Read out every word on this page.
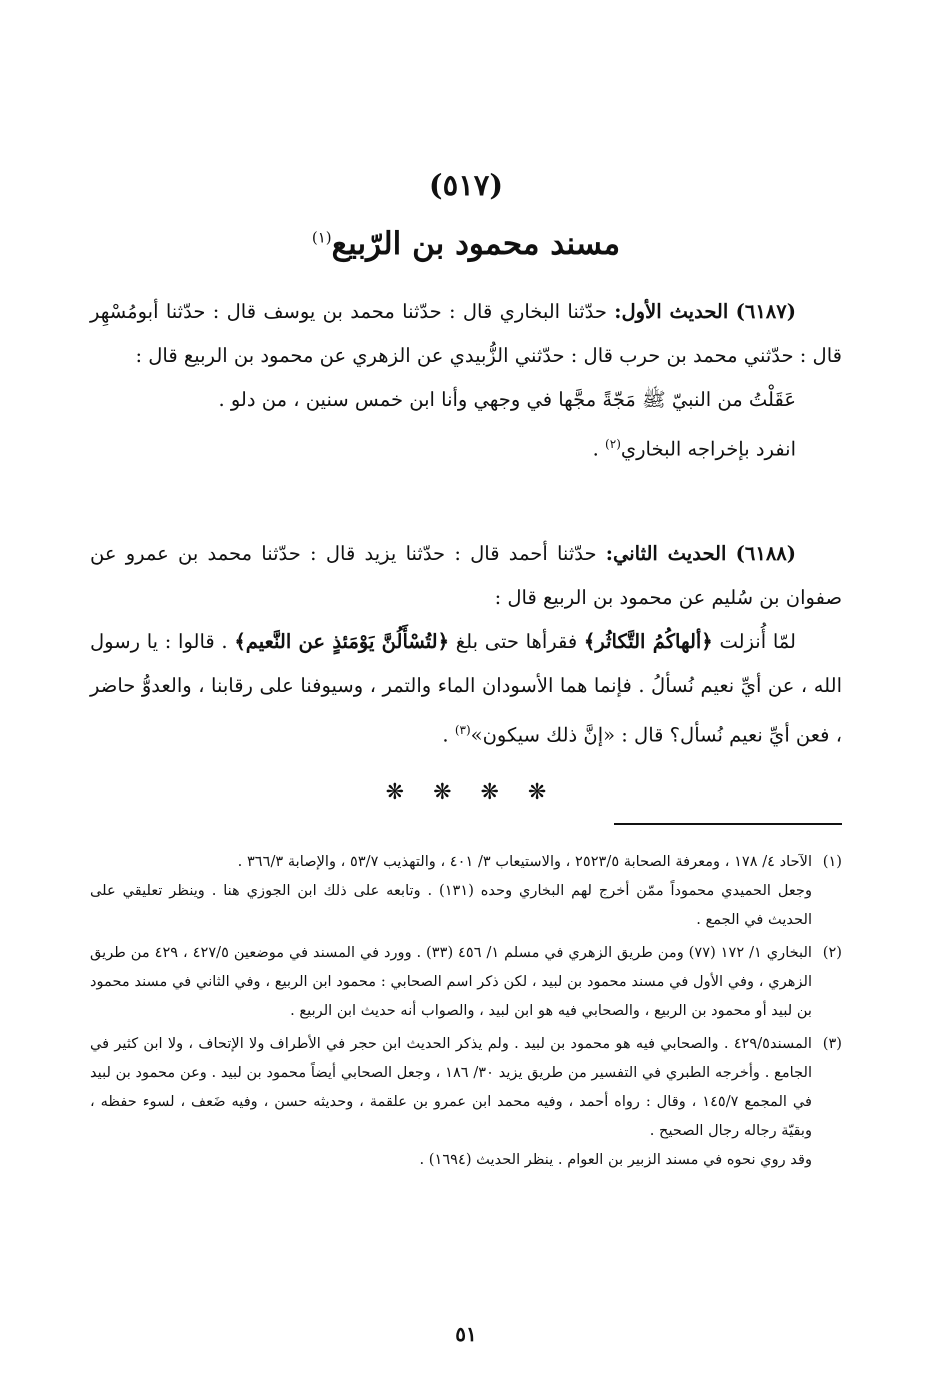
(٥١٧)
مسند محمود بن الرّبيع$^{(١)}$

(٦١٨٧) الحديث الأول: حدّثنا البخاري قال : حدّثنا محمد بن يوسف قال : حدّثنا أبومُسْهِر قال : حدّثني محمد بن حرب قال : حدّثني الزُّبيدي عن الزهري عن محمود بن الربيع قال :

عَقَلْتُ من النبيّ ﷺ مَجّةً مجَّها في وجهي وأنا ابن خمس سنين ، من دلو .

انفرد بإخراجه البخاري$^{(٢)}$ .

(٦١٨٨) الحديث الثاني: حدّثنا أحمد قال : حدّثنا يزيد قال : حدّثنا محمد بن عمرو عن صفوان بن سُليم عن محمود بن الربيع قال :

لمّا أُنزلت ﴿ألهاكُمُ التَّكاثُر﴾ فقرأها حتى بلغ ﴿لتُسْأَلُنَّ يَوْمَئذٍ عن النَّعيم﴾ . قالوا : يا رسول الله ، عن أيِّ نعيم نُسألُ . فإنما هما الأسودان الماء والتمر ، وسيوفنا على رقابنا ، والعدوُّ حاضر ، فعن أيِّ نعيم نُسأل؟ قال : «إنَّ ذلك سيكون»$^{(٣)}$ .

❋ ❋ ❋ ❋
(١)

الآحاد ٤/ ١٧٨ ، ومعرفة الصحابة ٢٥٢٣/٥ ، والاستيعاب ٣/ ٤٠١ ، والتهذيب ٥٣/٧ ، والإصابة ٣٦٦/٣ .

وجعل الحميدي محموداً ممّن أخرج لهم البخاري وحده (١٣١) . وتابعه على ذلك ابن الجوزي هنا . وينظر تعليقي على الحديث في الجمع .

(٢)

البخاري ١/ ١٧٢ (٧٧) ومن طريق الزهري في مسلم ١/ ٤٥٦ (٣٣) . وورد في المسند في موضعين ٤٢٧/٥ ، ٤٢٩ من طريق الزهري ، وفي الأول في مسند محمود بن لبيد ، لكن ذكر اسم الصحابي : محمود ابن الربيع ، وفي الثاني في مسند محمود بن لبيد أو محمود بن الربيع ، والصحابي فيه هو ابن لبيد ، والصواب أنه حديث ابن الربيع .

(٣)

المسند٤٢٩/٥ . والصحابي فيه هو محمود بن لبيد . ولم يذكر الحديث ابن حجر في الأطراف ولا الإتحاف ، ولا ابن كثير في الجامع . وأخرجه الطبري في التفسير من طريق يزيد ٣٠/ ١٨٦ ، وجعل الصحابي أيضاً محمود بن لبيد . وعن محمود بن لبيد في المجمع ١٤٥/٧ ، وقال : رواه أحمد ، وفيه محمد ابن عمرو بن علقمة ، وحديثه حسن ، وفيه ضَعف ، لسوء حفظه ، وبقيّة رجاله رجال الصحيح .

وقد روي نحوه في مسند الزبير بن العوام . ينظر الحديث (١٦٩٤) .

٥١
